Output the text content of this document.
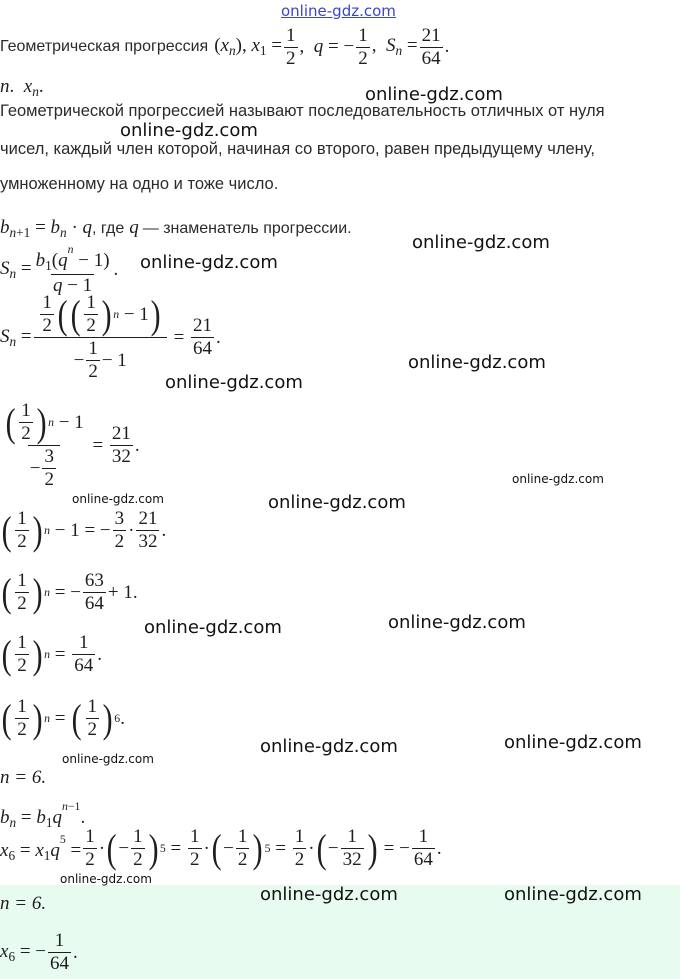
online-gdz.com
Геометрическая прогрессия $(x_n)$, $x_1 = \frac{1}{2}$ ,  q = − $\frac{1}{2}$ ,  $S_n = \frac{21}{64}$ .
n.  $x_n$.
Геометрической прогрессией называют последовательность отличных от нуля
чисел, каждый член которой, начиная со второго, равен предыдущему члену,
умноженному на одно и тоже число.
$b_{n+1} = b_n \cdot q$ , где q — знаменатель прогрессии.
$S_n = \frac{b_1(q^n - 1)}{q - 1}$ .
$S_n = \frac{\frac{1}{2} ( ( \frac{1}{2} ) n - 1 )}{- \frac{1}{2} - 1} = \frac{21}{64}$ .
$\frac{( \frac{1}{2} ) n - 1}{- \frac{3}{2}} = \frac{21}{32}$ .
( $\frac{1}{2}$ ) n − 1 = − $\frac{3}{2} \cdot \frac{21}{32}$ .
( $\frac{1}{2}$ ) n = − $\frac{63}{64} + 1$.
( $\frac{1}{2}$ ) $n = \frac{1}{64}$ .
( $\frac{1}{2}$ ) n = ( $\frac{1}{2}$ ) 6 .
n = 6.
$b_n = b_1q^{n-1}$.
$x_6 = x_1q^5 = \frac{1}{2}$ · ( − $\frac{1}{2}$ ) $5 = \frac{1}{2}$ · ( − $\frac{1}{2}$ ) $5 = \frac{1}{2}$ · ( − $\frac{1}{32}$ ) = − $\frac{1}{64}$ .
n = 6.
$x_6$ = − $\frac{1}{64}$ .
online-gdz.com
online-gdz.com
online-gdz.com
online-gdz.com
online-gdz.com
online-gdz.com
online-gdz.com
online-gdz.com	online-gdz.com
online-gdz.com
online-gdz.com
online-gdz.com
online-gdz.com
online-gdz.com
online-gdz.com
online-gdz.com	online-gdz.com
